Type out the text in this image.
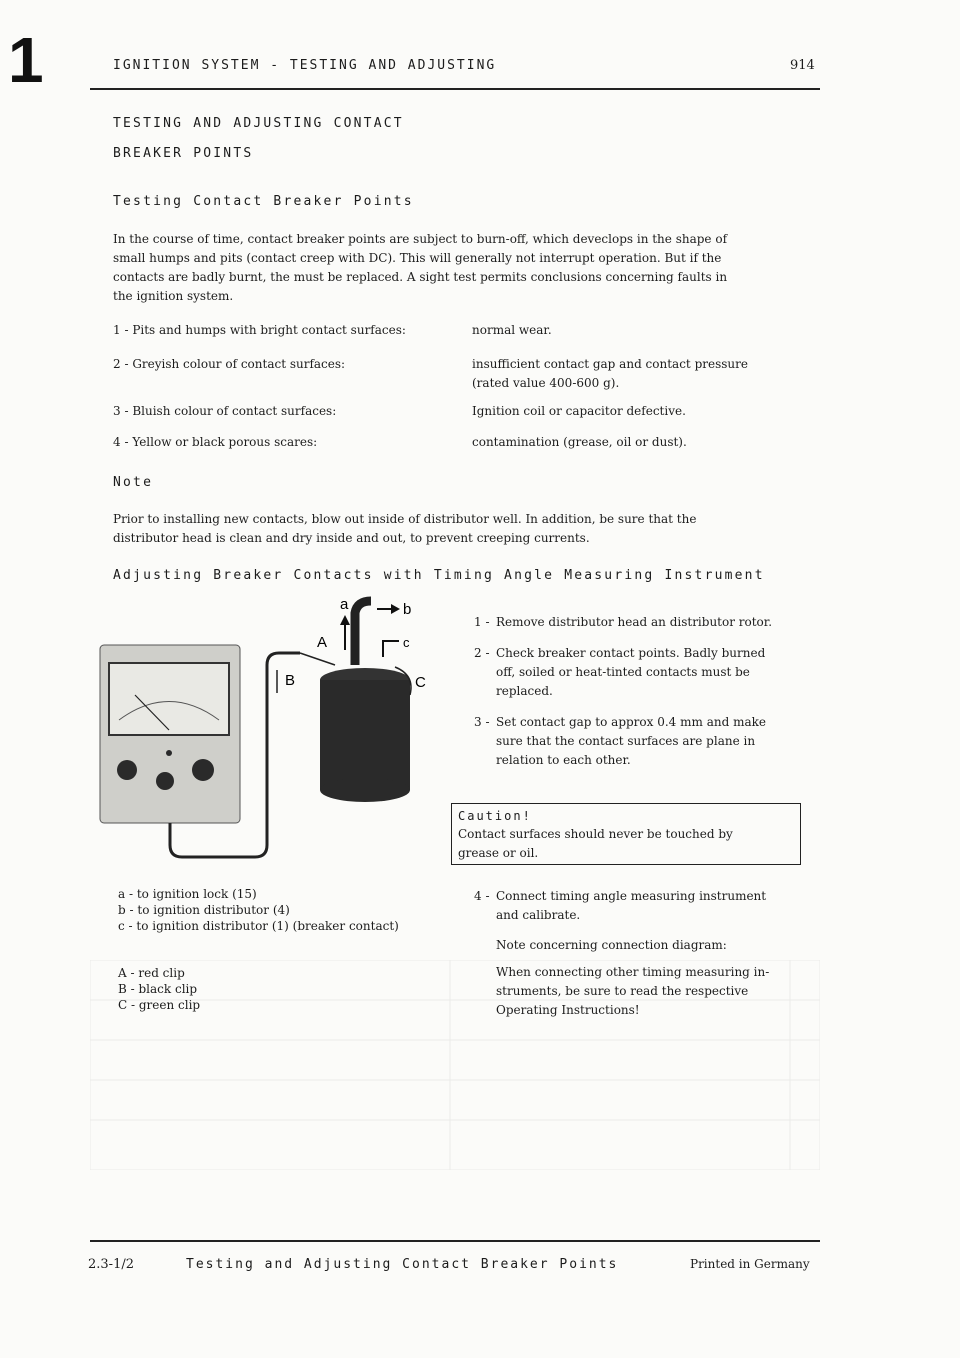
1	IGNITION SYSTEM - TESTING AND ADJUSTING	914
TESTING AND ADJUSTING CONTACT
BREAKER POINTS
Testing Contact Breaker Points
In the course of time, contact breaker points are subject to burn-off, which deveclops in the shape of
small humps and pits (contact creep with DC). This will generally not interrupt operation. But if the
contacts are badly burnt, the must be replaced. A sight test permits conclusions concerning faults in
the ignition system.
1 - Pits and humps with bright contact surfaces:	normal wear.
2 - Greyish colour of contact surfaces:	insufficient contact gap and contact pressure
(rated value 400-600 g).
3 - Bluish colour of contact surfaces:	Ignition coil or capacitor defective.
4 - Yellow or black porous scares:	contamination (grease, oil or dust).
Note
Prior to installing new contacts, blow out inside of distributor well. In addition, be sure that the
distributor head is clean and dry inside and out, to prevent creeping currents.
Adjusting Breaker Contacts with Timing Angle Measuring Instrument
a	b
c
A
B	C
1 - Remove distributor head an distributor rotor.
2 - Check breaker contact points. Badly burned
off, soiled or heat-tinted contacts must be
replaced.
3 - Set contact gap to approx 0.4 mm and make
sure that the contact surfaces are plane in
relation to each other.
Caution!
Contact surfaces should never be touched by
grease or oil.
a - to ignition lock (15)
b - to ignition distributor (4)
c - to ignition distributor (1) (breaker contact)
A - red clip
B - black clip
C - green clip
4 - Connect timing angle measuring instrument
and calibrate.
Note concerning connection diagram:
When connecting other timing measuring in-
struments, be sure to read the respective
Operating Instructions!
2.3-1/2	Testing and Adjusting Contact Breaker Points	Printed in Germany
